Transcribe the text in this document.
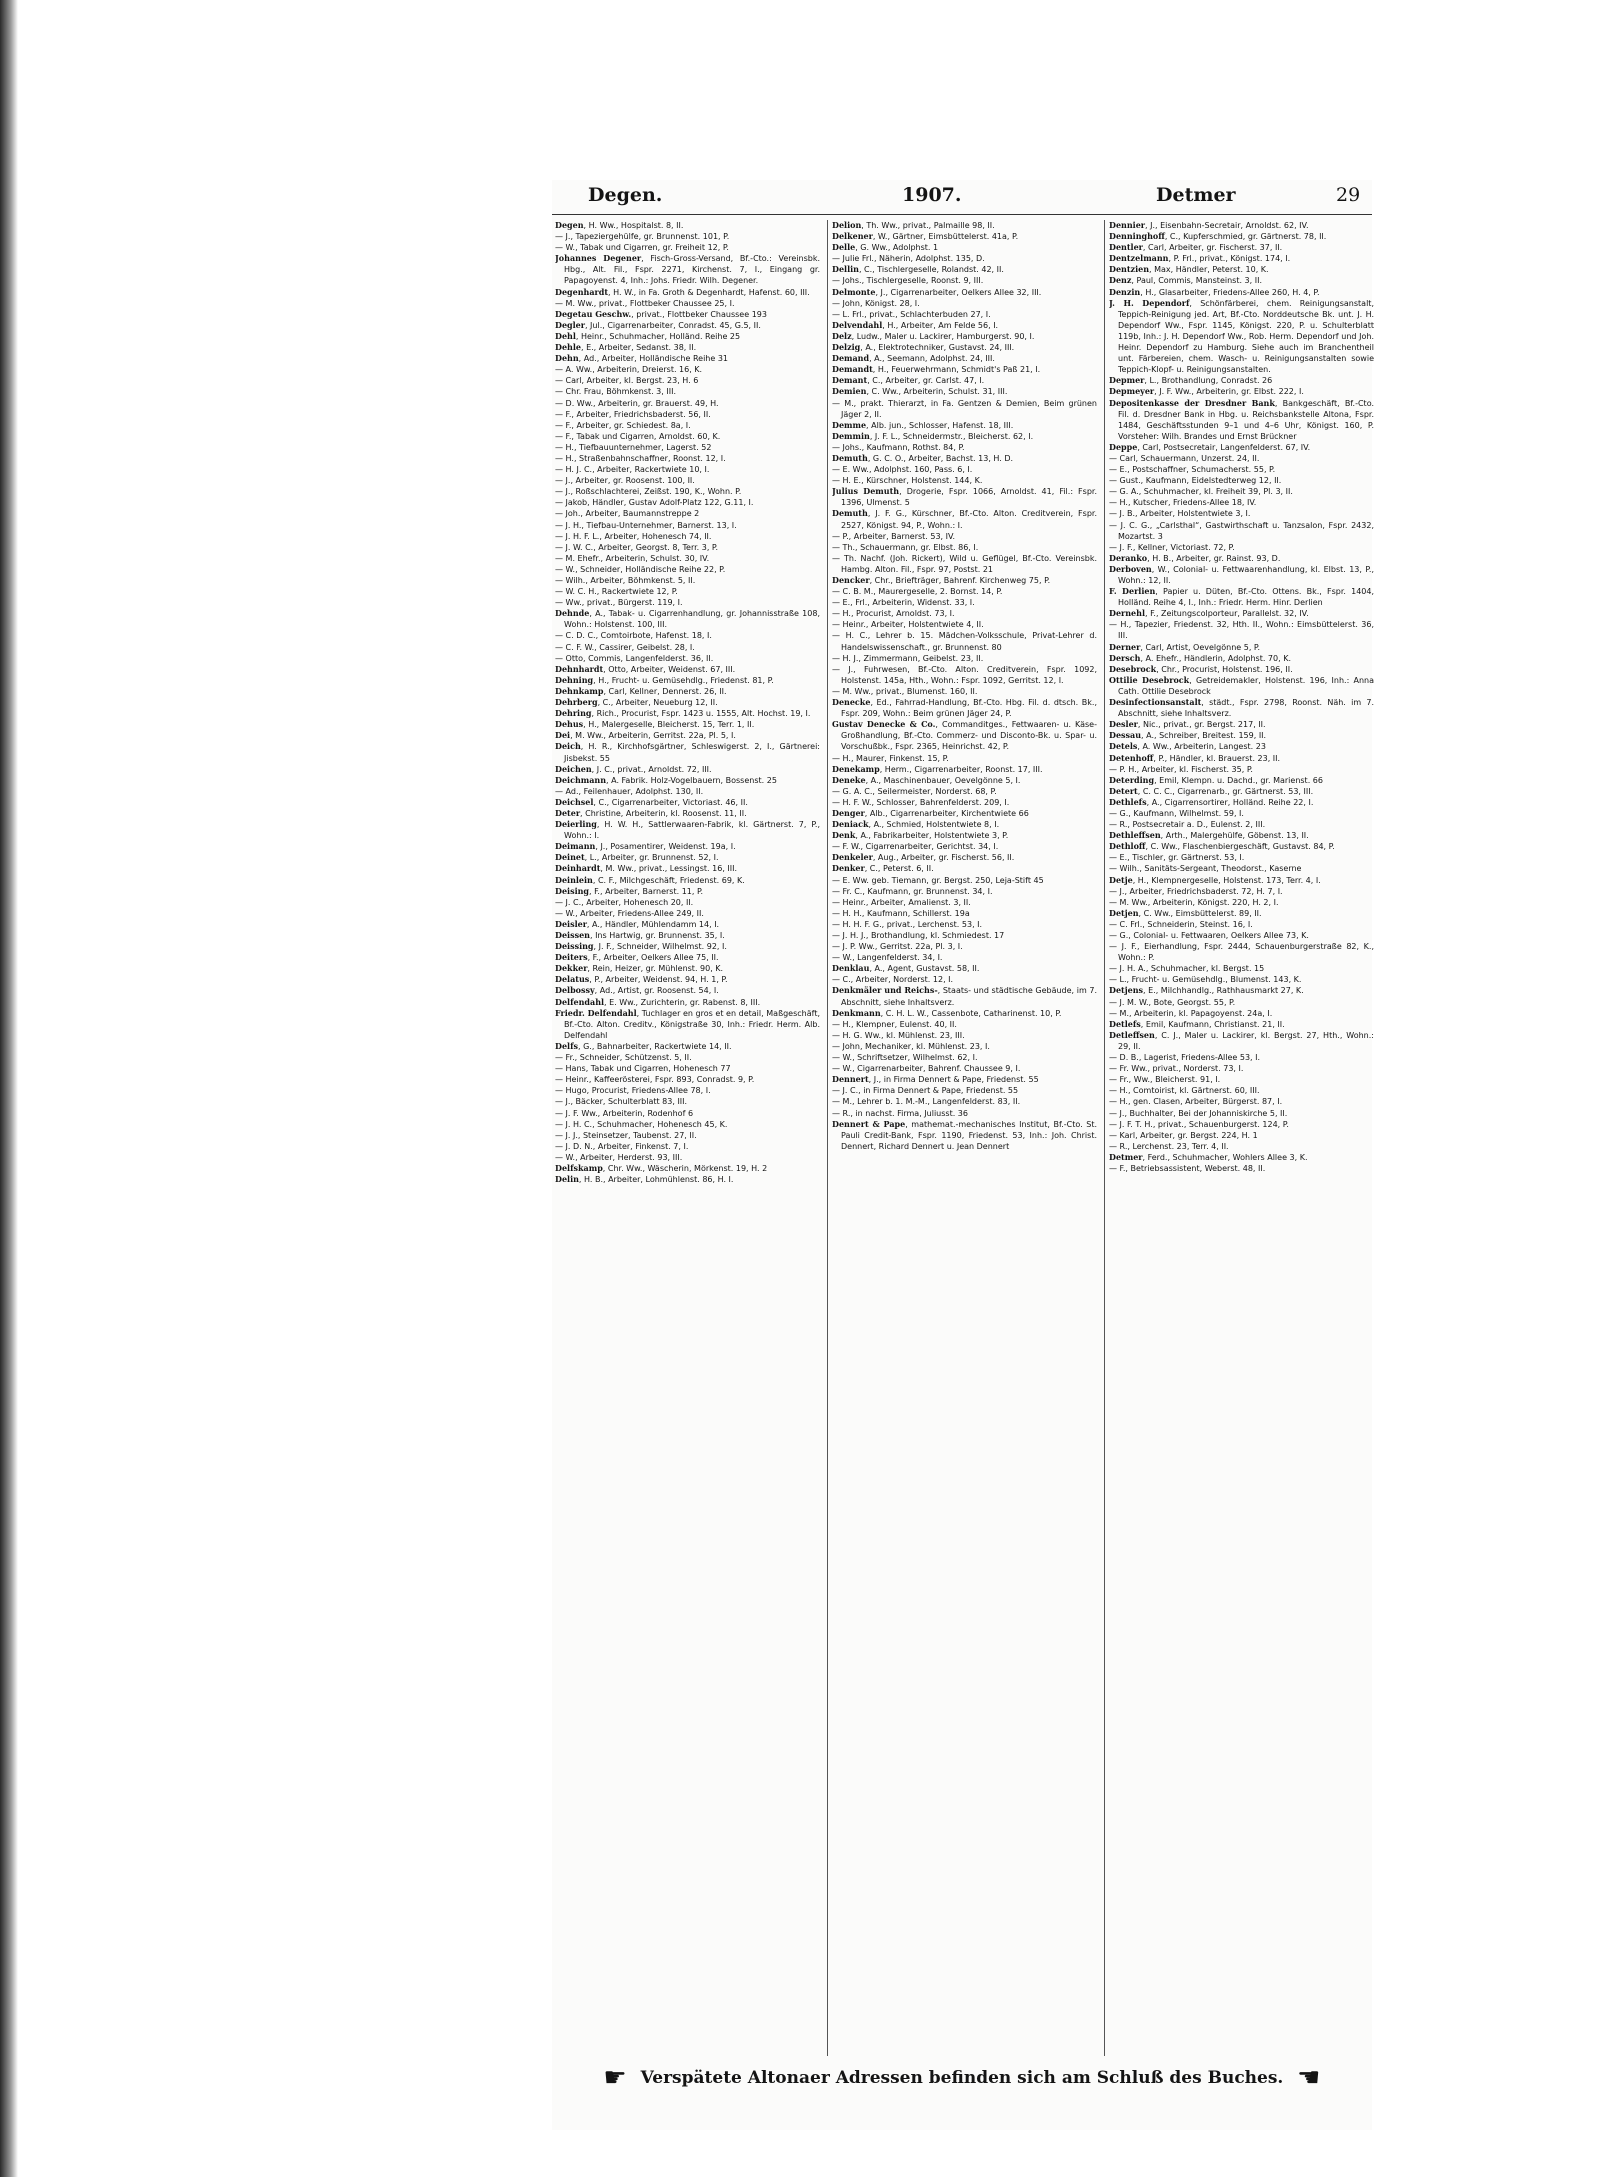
Degen.	1907.	Detmer	29

Degen, H. Ww., Hospitalst. 8, II.

— J., Tapeziergehülfe, gr. Brunnenst. 101, P.

— W., Tabak und Cigarren, gr. Freiheit 12, P.

Johannes Degener, Fisch-Gross-Versand, Bf.-Cto.: Vereinsbk. Hbg., Alt. Fil., Fspr. 2271, Kirchenst. 7, I., Eingang gr. Papagoyenst. 4, Inh.: Johs. Friedr. Wilh. Degener.

Degenhardt, H. W., in Fa. Groth & Degenhardt, Hafenst. 60, III.

— M. Ww., privat., Flottbeker Chaussee 25, I.

Degetau Geschw., privat., Flottbeker Chaussee 193

Degler, Jul., Cigarrenarbeiter, Conradst. 45, G.5, II.

Dehl, Heinr., Schuhmacher, Holländ. Reihe 25

Dehle, E., Arbeiter, Sedanst. 38, II.

Dehn, Ad., Arbeiter, Holländische Reihe 31

— A. Ww., Arbeiterin, Dreierst. 16, K.

— Carl, Arbeiter, kl. Bergst. 23, H. 6

— Chr. Frau, Böhmkenst. 3, III.

— D. Ww., Arbeiterin, gr. Brauerst. 49, H.

— F., Arbeiter, Friedrichsbaderst. 56, II.

— F., Arbeiter, gr. Schiedest. 8a, I.

— F., Tabak und Cigarren, Arnoldst. 60, K.

— H., Tiefbauunternehmer, Lagerst. 52

— H., Straßenbahnschaffner, Roonst. 12, I.

— H. J. C., Arbeiter, Rackertwiete 10, I.

— J., Arbeiter, gr. Roosenst. 100, II.

— J., Roßschlachterei, Zeißst. 190, K., Wohn. P.

— Jakob, Händler, Gustav Adolf-Platz 122, G.11, I.

— Joh., Arbeiter, Baumannstreppe 2

— J. H., Tiefbau-Unternehmer, Barnerst. 13, I.

— J. H. F. L., Arbeiter, Hohenesch 74, II.

— J. W. C., Arbeiter, Georgst. 8, Terr. 3, P.

— M. Ehefr., Arbeiterin, Schulst. 30, IV.

— W., Schneider, Holländische Reihe 22, P.

— Wilh., Arbeiter, Böhmkenst. 5, II.

— W. C. H., Rackertwiete 12, P.

— Ww., privat., Bürgerst. 119, I.

Dehnde, A., Tabak- u. Cigarrenhandlung, gr. Johannisstraße 108, Wohn.: Holstenst. 100, III.

— C. D. C., Comtoirbote, Hafenst. 18, I.

— C. F. W., Cassirer, Geibelst. 28, I.

— Otto, Commis, Langenfelderst. 36, II.

Dehnhardt, Otto, Arbeiter, Weidenst. 67, III.

Dehning, H., Frucht- u. Gemüsehdlg., Friedenst. 81, P.

Dehnkamp, Carl, Kellner, Dennerst. 26, II.

Dehrberg, C., Arbeiter, Neueburg 12, II.

Dehring, Rich., Procurist, Fspr. 1423 u. 1555, Alt. Hochst. 19, I.

Dehus, H., Malergeselle, Bleicherst. 15, Terr. 1, II.

Dei, M. Ww., Arbeiterin, Gerritst. 22a, Pl. 5, I.

Deich, H. R., Kirchhofsgärtner, Schleswigerst. 2, I., Gärtnerei: Jisbekst. 55

Deichen, J. C., privat., Arnoldst. 72, III.

Deichmann, A. Fabrik. Holz-Vogelbauern, Bossenst. 25

— Ad., Feilenhauer, Adolphst. 130, II.

Deichsel, C., Cigarrenarbeiter, Victoriast. 46, II.

Deter, Christine, Arbeiterin, kl. Roosenst. 11, II.

Deierling, H. W. H., Sattlerwaaren-Fabrik, kl. Gärtnerst. 7, P., Wohn.: I.

Deimann, J., Posamentirer, Weidenst. 19a, I.

Deinet, L., Arbeiter, gr. Brunnenst. 52, I.

Deinhardt, M. Ww., privat., Lessingst. 16, III.

Deinlein, C. F., Milchgeschäft, Friedenst. 69, K.

Deising, F., Arbeiter, Barnerst. 11, P.

— J. C., Arbeiter, Hohenesch 20, II.

— W., Arbeiter, Friedens-Allee 249, II.

Deisler, A., Händler, Mühlendamm 14, I.

Deissen, Ins Hartwig, gr. Brunnenst. 35, I.

Deissing, J. F., Schneider, Wilhelmst. 92, I.

Deiters, F., Arbeiter, Oelkers Allee 75, II.

Dekker, Rein, Heizer, gr. Mühlenst. 90, K.

Delatus, P., Arbeiter, Weidenst. 94, H. 1, P.

Delbossy, Ad., Artist, gr. Roosenst. 54, I.

Delfendahl, E. Ww., Zurichterin, gr. Rabenst. 8, III.

Friedr. Delfendahl, Tuchlager en gros et en detail, Maßgeschäft, Bf.-Cto. Alton. Creditv., Königstraße 30, Inh.: Friedr. Herm. Alb. Delfendahl

Delfs, G., Bahnarbeiter, Rackertwiete 14, II.

— Fr., Schneider, Schützenst. 5, II.

— Hans, Tabak und Cigarren, Hohenesch 77

— Heinr., Kaffeerösterei, Fspr. 893, Conradst. 9, P.

— Hugo, Procurist, Friedens-Allee 78, I.

— J., Bäcker, Schulterblatt 83, III.

— J. F. Ww., Arbeiterin, Rodenhof 6

— J. H. C., Schuhmacher, Hohenesch 45, K.

— J. J., Steinsetzer, Taubenst. 27, II.

— J. D. N., Arbeiter, Finkenst. 7, I.

— W., Arbeiter, Herderst. 93, III.

Delfskamp, Chr. Ww., Wäscherin, Mörkenst. 19, H. 2

Delin, H. B., Arbeiter, Lohmühlenst. 86, H. I.

Delion, Th. Ww., privat., Palmaille 98, II.

Delkener, W., Gärtner, Eimsbüttelerst. 41a, P.

Delle, G. Ww., Adolphst. 1

— Julie Frl., Näherin, Adolphst. 135, D.

Dellin, C., Tischlergeselle, Rolandst. 42, II.

— Johs., Tischlergeselle, Roonst. 9, III.

Delmonte, J., Cigarrenarbeiter, Oelkers Allee 32, III.

— John, Königst. 28, I.

— L. Frl., privat., Schlachterbuden 27, I.

Delvendahl, H., Arbeiter, Am Felde 56, I.

Delz, Ludw., Maler u. Lackirer, Hamburgerst. 90, I.

Delzig, A., Elektrotechniker, Gustavst. 24, III.

Demand, A., Seemann, Adolphst. 24, III.

Demandt, H., Feuerwehrmann, Schmidt's Paß 21, I.

Demant, C., Arbeiter, gr. Carlst. 47, I.

Demien, C. Ww., Arbeiterin, Schulst. 31, III.

— M., prakt. Thierarzt, in Fa. Gentzen & Demien, Beim grünen Jäger 2, II.

Demme, Alb. jun., Schlosser, Hafenst. 18, III.

Demmin, J. F. L., Schneidermstr., Bleicherst. 62, I.

— Johs., Kaufmann, Rothst. 84, P.

Demuth, G. C. O., Arbeiter, Bachst. 13, H. D.

— E. Ww., Adolphst. 160, Pass. 6, I.

— H. E., Kürschner, Holstenst. 144, K.

Julius Demuth, Drogerie, Fspr. 1066, Arnoldst. 41, Fil.: Fspr. 1396, Ulmenst. 5

Demuth, J. F. G., Kürschner, Bf.-Cto. Alton. Creditverein, Fspr. 2527, Königst. 94, P., Wohn.: I.

— P., Arbeiter, Barnerst. 53, IV.

— Th., Schauermann, gr. Elbst. 86, I.

— Th. Nachf. (Joh. Rickert), Wild u. Geflügel, Bf.-Cto. Vereinsbk. Hambg. Alton. Fil., Fspr. 97, Postst. 21

Dencker, Chr., Briefträger, Bahrenf. Kirchenweg 75, P.

— C. B. M., Maurergeselle, 2. Bornst. 14, P.

— E., Frl., Arbeiterin, Widenst. 33, I.

— H., Procurist, Arnoldst. 73, I.

— Heinr., Arbeiter, Holstentwiete 4, II.

— H. C., Lehrer b. 15. Mädchen-Volksschule, Privat-Lehrer d. Handelswissenschaft., gr. Brunnenst. 80

— H. J., Zimmermann, Geibelst. 23, II.

— J., Fuhrwesen, Bf.-Cto. Alton. Creditverein, Fspr. 1092, Holstenst. 145a, Hth., Wohn.: Fspr. 1092, Gerritst. 12, I.

— M. Ww., privat., Blumenst. 160, II.

Denecke, Ed., Fahrrad-Handlung, Bf.-Cto. Hbg. Fil. d. dtsch. Bk., Fspr. 209, Wohn.: Beim grünen Jäger 24, P.

Gustav Denecke & Co., Commanditges., Fettwaaren- u. Käse-Großhandlung, Bf.-Cto. Commerz- und Disconto-Bk. u. Spar- u. Vorschußbk., Fspr. 2365, Heinrichst. 42, P.

— H., Maurer, Finkenst. 15, P.

Denekamp, Herm., Cigarrenarbeiter, Roonst. 17, III.

Deneke, A., Maschinenbauer, Oevelgönne 5, I.

— G. A. C., Seilermeister, Norderst. 68, P.

— H. F. W., Schlosser, Bahrenfelderst. 209, I.

Denger, Alb., Cigarrenarbeiter, Kirchentwiete 66

Deniack, A., Schmied, Holstentwiete 8, I.

Denk, A., Fabrikarbeiter, Holstentwiete 3, P.

— F. W., Cigarrenarbeiter, Gerichtst. 34, I.

Denkeler, Aug., Arbeiter, gr. Fischerst. 56, II.

Denker, C., Peterst. 6, II.

— E. Ww. geb. Tiemann, gr. Bergst. 250, Leja-Stift 45

— Fr. C., Kaufmann, gr. Brunnenst. 34, I.

— Heinr., Arbeiter, Amalienst. 3, II.

— H. H., Kaufmann, Schillerst. 19a

— H. H. F. G., privat., Lerchenst. 53, I.

— J. H. J., Brothandlung, kl. Schmiedest. 17

— J. P. Ww., Gerritst. 22a, Pl. 3, I.

— W., Langenfelderst. 34, I.

Denklau, A., Agent, Gustavst. 58, II.

— C., Arbeiter, Norderst. 12, I.

Denkmäler und Reichs-, Staats- und städtische Gebäude, im 7. Abschnitt, siehe Inhaltsverz.

Denkmann, C. H. L. W., Cassenbote, Catharinenst. 10, P.

— H., Klempner, Eulenst. 40, II.

— H. G. Ww., kl. Mühlenst. 23, III.

— John, Mechaniker, kl. Mühlenst. 23, I.

— W., Schriftsetzer, Wilhelmst. 62, I.

— W., Cigarrenarbeiter, Bahrenf. Chaussee 9, I.

Dennert, J., in Firma Dennert & Pape, Friedenst. 55

— J. C., in Firma Dennert & Pape, Friedenst. 55

— M., Lehrer b. 1. M.-M., Langenfelderst. 83, II.

— R., in nachst. Firma, Juliusst. 36

Dennert & Pape, mathemat.-mechanisches Institut, Bf.-Cto. St. Pauli Credit-Bank, Fspr. 1190, Friedenst. 53, Inh.: Joh. Christ. Dennert, Richard Dennert u. Jean Dennert

Dennier, J., Eisenbahn-Secretair, Arnoldst. 62, IV.

Denninghoff, C., Kupferschmied, gr. Gärtnerst. 78, II.

Dentler, Carl, Arbeiter, gr. Fischerst. 37, II.

Dentzelmann, P. Frl., privat., Königst. 174, I.

Dentzien, Max, Händler, Peterst. 10, K.

Denz, Paul, Commis, Mansteinst. 3, II.

Denzin, H., Glasarbeiter, Friedens-Allee 260, H. 4, P.

J. H. Dependorf, Schönfärberei, chem. Reinigungsanstalt, Teppich-Reinigung jed. Art, Bf.-Cto. Norddeutsche Bk. unt. J. H. Dependorf Ww., Fspr. 1145, Königst. 220, P. u. Schulterblatt 119b, Inh.: J. H. Dependorf Ww., Rob. Herm. Dependorf und Joh. Heinr. Dependorf zu Hamburg. Siehe auch im Branchentheil unt. Färbereien, chem. Wasch- u. Reinigungsanstalten sowie Teppich-Klopf- u. Reinigungsanstalten.

Depmer, L., Brothandlung, Conradst. 26

Depmeyer, J. F. Ww., Arbeiterin, gr. Elbst. 222, I.

Depositenkasse der Dresdner Bank, Bankgeschäft, Bf.-Cto. Fil. d. Dresdner Bank in Hbg. u. Reichsbankstelle Altona, Fspr. 1484, Geschäftsstunden 9–1 und 4–6 Uhr, Königst. 160, P. Vorsteher: Wilh. Brandes und Ernst Brückner

Deppe, Carl, Postsecretair, Langenfelderst. 67, IV.

— Carl, Schauermann, Unzerst. 24, II.

— E., Postschaffner, Schumacherst. 55, P.

— Gust., Kaufmann, Eidelstedterweg 12, II.

— G. A., Schuhmacher, kl. Freiheit 39, Pl. 3, II.

— H., Kutscher, Friedens-Allee 18, IV.

— J. B., Arbeiter, Holstentwiete 3, I.

— J. C. G., „Carlsthal“, Gastwirthschaft u. Tanzsalon, Fspr. 2432, Mozartst. 3

— J. F., Kellner, Victoriast. 72, P.

Deranko, H. B., Arbeiter, gr. Rainst. 93, D.

Derboven, W., Colonial- u. Fettwaarenhandlung, kl. Elbst. 13, P., Wohn.: 12, II.

F. Derlien, Papier u. Düten, Bf.-Cto. Ottens. Bk., Fspr. 1404, Holländ. Reihe 4, I., Inh.: Friedr. Herm. Hinr. Derlien

Dernehl, F., Zeitungscolporteur, Parallelst. 32, IV.

— H., Tapezier, Friedenst. 32, Hth. II., Wohn.: Eimsbüttelerst. 36, III.

Derner, Carl, Artist, Oevelgönne 5, P.

Dersch, A. Ehefr., Händlerin, Adolphst. 70, K.

Desebrock, Chr., Procurist, Holstenst. 196, II.

Ottilie Desebrock, Getreidemakler, Holstenst. 196, Inh.: Anna Cath. Ottilie Desebrock

Desinfectionsanstalt, städt., Fspr. 2798, Roonst. Näh. im 7. Abschnitt, siehe Inhaltsverz.

Desler, Nic., privat., gr. Bergst. 217, II.

Dessau, A., Schreiber, Breitest. 159, II.

Detels, A. Ww., Arbeiterin, Langest. 23

Detenhoff, P., Händler, kl. Brauerst. 23, II.

— P. H., Arbeiter, kl. Fischerst. 35, P.

Deterding, Emil, Klempn. u. Dachd., gr. Marienst. 66

Detert, C. C. C., Cigarrenarb., gr. Gärtnerst. 53, III.

Dethlefs, A., Cigarrensortirer, Holländ. Reihe 22, I.

— G., Kaufmann, Wilhelmst. 59, I.

— R., Postsecretair a. D., Eulenst. 2, III.

Dethleffsen, Arth., Malergehülfe, Göbenst. 13, II.

Dethloff, C. Ww., Flaschenbiergeschäft, Gustavst. 84, P.

— E., Tischler, gr. Gärtnerst. 53, I.

— Wilh., Sanitäts-Sergeant, Theodorst., Kaserne

Detje, H., Klempnergeselle, Holstenst. 173, Terr. 4, I.

— J., Arbeiter, Friedrichsbaderst. 72, H. 7, I.

— M. Ww., Arbeiterin, Königst. 220, H. 2, I.

Detjen, C. Ww., Eimsbüttelerst. 89, II.

— C. Frl., Schneiderin, Steinst. 16, I.

— G., Colonial- u. Fettwaaren, Oelkers Allee 73, K.

— J. F., Eierhandlung, Fspr. 2444, Schauenburgerstraße 82, K., Wohn.: P.

— J. H. A., Schuhmacher, kl. Bergst. 15

— L., Frucht- u. Gemüsehdlg., Blumenst. 143, K.

Detjens, E., Milchhandlg., Rathhausmarkt 27, K.

— J. M. W., Bote, Georgst. 55, P.

— M., Arbeiterin, kl. Papagoyenst. 24a, I.

Detlefs, Emil, Kaufmann, Christianst. 21, II.

Detleffsen, C. J., Maler u. Lackirer, kl. Bergst. 27, Hth., Wohn.: 29, II.

— D. B., Lagerist, Friedens-Allee 53, I.

— Fr. Ww., privat., Norderst. 73, I.

— Fr., Ww., Bleicherst. 91, I.

— H., Comtoirist, kl. Gärtnerst. 60, III.

— H., gen. Clasen, Arbeiter, Bürgerst. 87, I.

— J., Buchhalter, Bei der Johanniskirche 5, II.

— J. F. T. H., privat., Schauenburgerst. 124, P.

— Karl, Arbeiter, gr. Bergst. 224, H. 1

— R., Lerchenst. 23, Terr. 4, II.

Detmer, Ferd., Schuhmacher, Wohlers Allee 3, K.

— F., Betriebsassistent, Weberst. 48, II.

☛ Verspätete Altonaer Adressen befinden sich am Schluß des Buches. ☛
